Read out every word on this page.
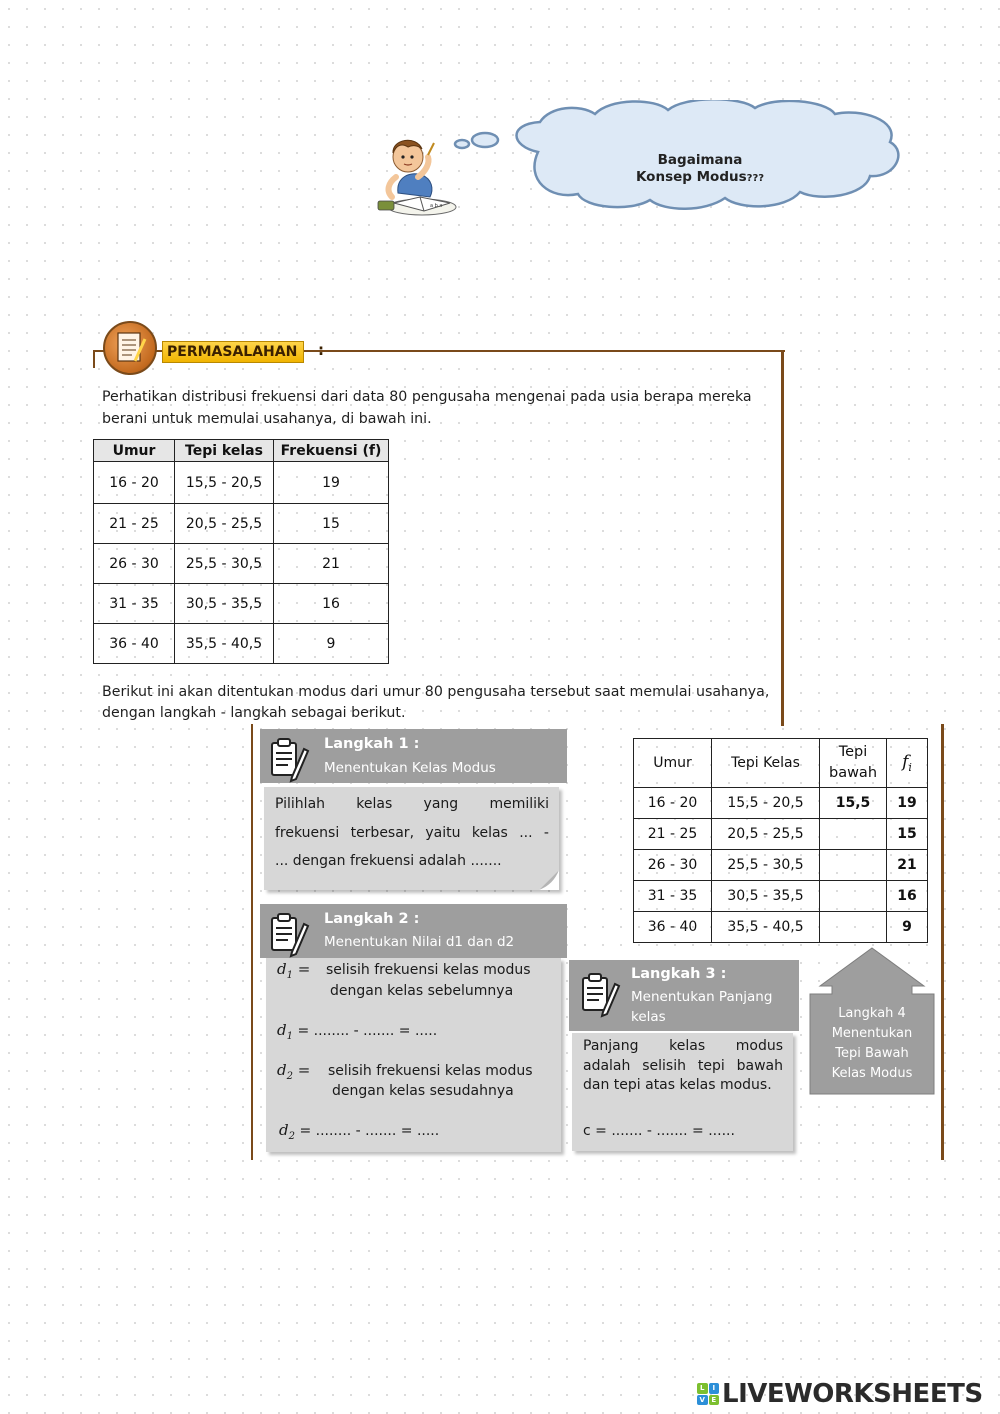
Bagaimana
Konsep Modus???
a b x
PERMASALAHAN	:
Perhatikan distribusi frekuensi dari data 80 pengusaha mengenai pada usia berapa mereka
berani untuk memulai usahanya, di bawah ini.
Umur	Tepi kelas	Frekuensi (f)
16 - 20	15,5 - 20,5	19
21 - 25	20,5 - 25,5	15
26 - 30	25,5 - 30,5	21
31 - 35	30,5 - 35,5	16
36 - 40	35,5 - 40,5	9
Berikut ini akan ditentukan modus dari umur 80 pengusaha tersebut saat memulai usahanya,
dengan langkah - langkah sebagai berikut.
Langkah 1 :
Menentukan Kelas Modus
Pilihlah kelas yang memiliki
frekuensi terbesar, yaitu kelas ... -
... dengan frekuensi adalah .......
Langkah 2 :
Menentukan Nilai d1 dan d2
$d_1$ = selisih frekuensi kelas modus
dengan kelas sebelumnya
$d_1$ = ........ - ....... = .....
$d_2$ = selisih frekuensi kelas modus
dengan kelas sesudahnya
$d_2$ = ........ - ....... = .....
Langkah 3 :
Menentukan Panjang
kelas
Panjang kelas modus
adalah selisih tepi bawah
dan tepi atas kelas modus.
c = ....... - ....... = ......
Umur	Tepi Kelas	Tepi bawah	$f_i$
16 - 20	15,5 - 20,5	15,5	19
21 - 25	20,5 - 25,5		15
26 - 30	25,5 - 30,5		21
31 - 35	30,5 - 35,5		16
36 - 40	35,5 - 40,5		9
Langkah 4
Menentukan
Tepi Bawah
Kelas Modus
L	I
V E LIVEWORKSHEETS
